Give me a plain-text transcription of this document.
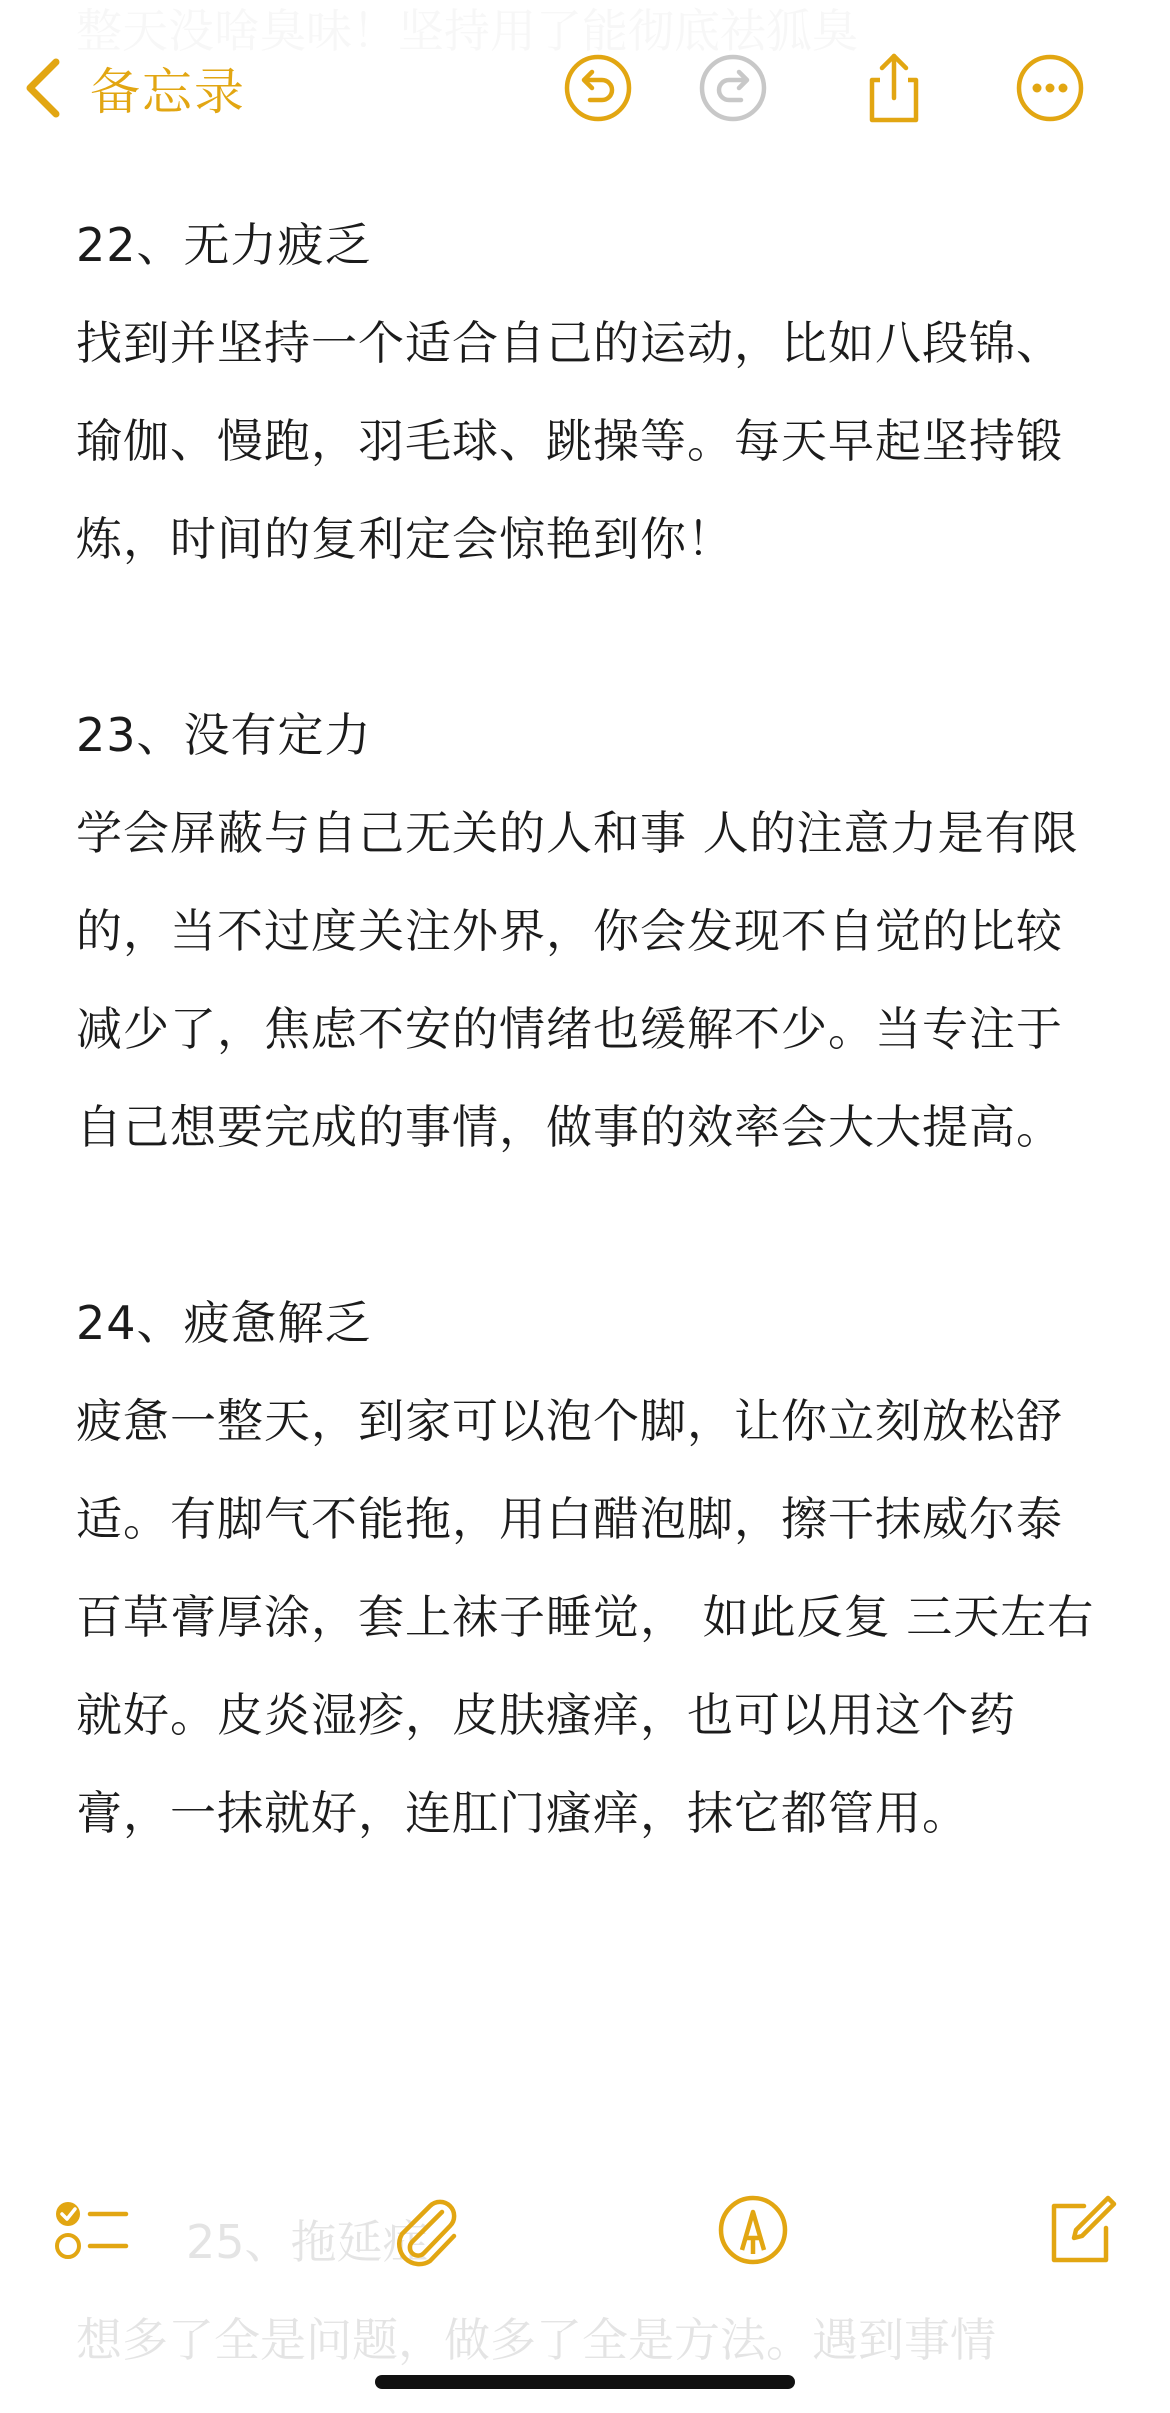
备忘录
22、无力疲乏
找到并坚持一个适合自己的运动，比如八段锦、瑜伽、慢跑，羽毛球、跳操等。每天早起坚持锻炼，时间的复利定会惊艳到你！
23、没有定力
学会屏蔽与自己无关的人和事 人的注意力是有限的，当不过度关注外界，你会发现不自觉的比较减少了，焦虑不安的情绪也缓解不少。当专注于自己想要完成的事情，做事的效率会大大提高。
24、疲惫解乏
疲惫一整天，到家可以泡个脚，让你立刻放松舒适。有脚气不能拖，用白醋泡脚，擦干抹威尔泰百草膏厚涂，套上袜子睡觉， 如此反复 三天左右就好。皮炎湿疹，皮肤瘙痒，也可以用这个药膏，一抹就好，连肛门瘙痒，抹它都管用。
25、拖延症
想多了全是问题，做多了全是方法。遇到事情
